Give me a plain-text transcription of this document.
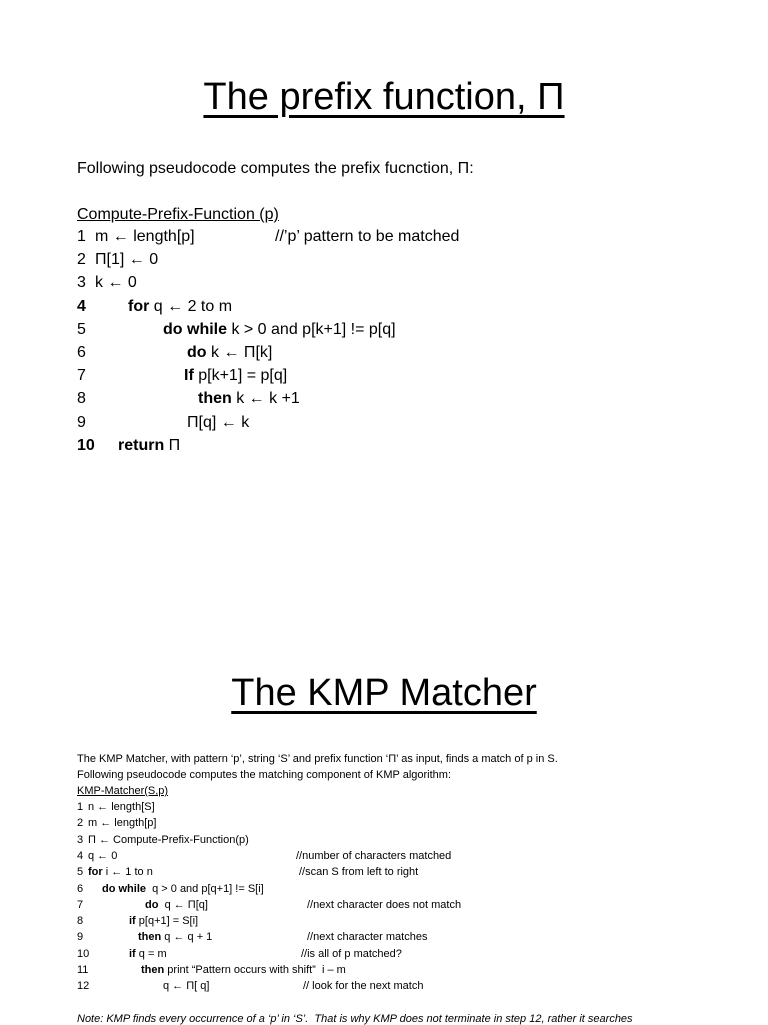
The prefix function, Π
Following pseudocode computes the prefix fucnction, Π:
Compute-Prefix-Function (p)
1 m ← length[p]	//’p’ pattern to be matched
2 Π[1] ← 0
3 k ← 0
4	for q ← 2 to m
5	do while k > 0 and p[k+1] != p[q]
6	do k ← Π[k]
7	If p[k+1] = p[q]
8	then k ← k +1
9	Π[q] ← k
10 return Π
The KMP Matcher
The KMP Matcher, with pattern ‘p’, string ‘S’ and prefix function ‘Π’ as input, finds a match of p in S.
Following pseudocode computes the matching component of KMP algorithm:
KMP-Matcher(S,p)
1 n ← length[S]
2 m ← length[p]
3 Π ← Compute-Prefix-Function(p)
4 q ← 0	//number of characters matched
5 for i ← 1 to n	//scan S from left to right
6 do while  q > 0 and p[q+1] != S[i]
7	do  q ← Π[q]	//next character does not match
8	if p[q+1] = S[i]
9	then q ← q + 1	//next character matches
10	if q = m	//is all of p matched?
11	then print “Pattern occurs with shift”  i – m
12	q ← Π[ q]	// look for the next match
Note: KMP finds every occurrence of a ‘p’ in ‘S’.  That is why KMP does not terminate in step 12, rather it searches
